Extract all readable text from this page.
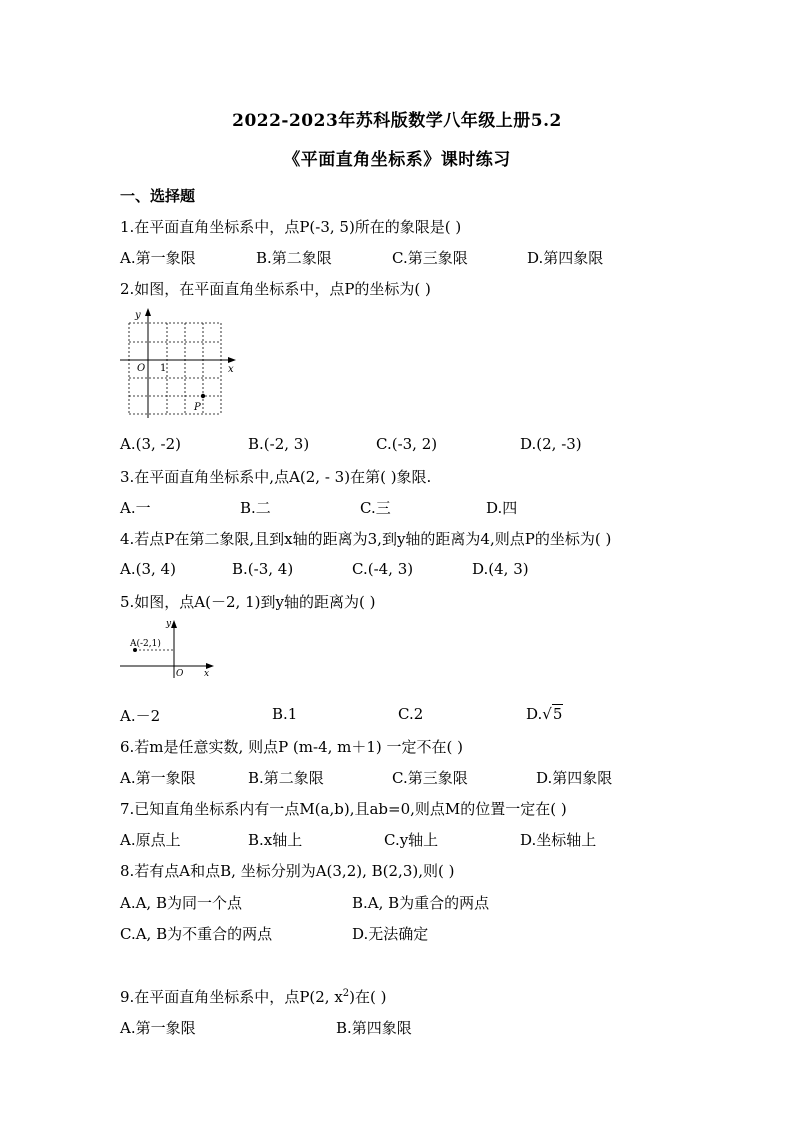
2022-2023年苏科版数学八年级上册5.2
《平面直角坐标系》课时练习
一、选择题
1.在平面直角坐标系中，点P(-3, 5)所在的象限是( )
A.第一象限	B.第二象限	C.第三象限	D.第四象限
2.如图，在平面直角坐标系中，点P的坐标为( )
y
x
O 1
P
A.(3, -2)	B.(-2, 3)	C.(-3, 2)	D.(2, -3)
3.在平面直角坐标系中,点A(2, - 3)在第( )象限.
A.一	B.二	C.三	D.四
4.若点P在第二象限,且到x轴的距离为3,到y轴的距离为4,则点P的坐标为( )
A.(3, 4)	B.(-3, 4)	C.(-4, 3)	D.(4, 3)
5.如图，点A(－2, 1)到y轴的距离为( )
A(-2,1)
y
x
O
A.－2	B.1	C.2	D.√5
6.若m是任意实数, 则点P (m-4, m＋1) 一定不在( )
A.第一象限	B.第二象限	C.第三象限	D.第四象限
7.已知直角坐标系内有一点M(a,b),且ab=0,则点M的位置一定在( )
A.原点上	B.x轴上	C.y轴上	D.坐标轴上
8.若有点A和点B, 坐标分别为A(3,2), B(2,3),则( )
A.A, B为同一个点	B.A, B为重合的两点
C.A, B为不重合的两点	D.无法确定
9.在平面直角坐标系中，点P(2, $x^2$)在( )
A.第一象限	B.第四象限
